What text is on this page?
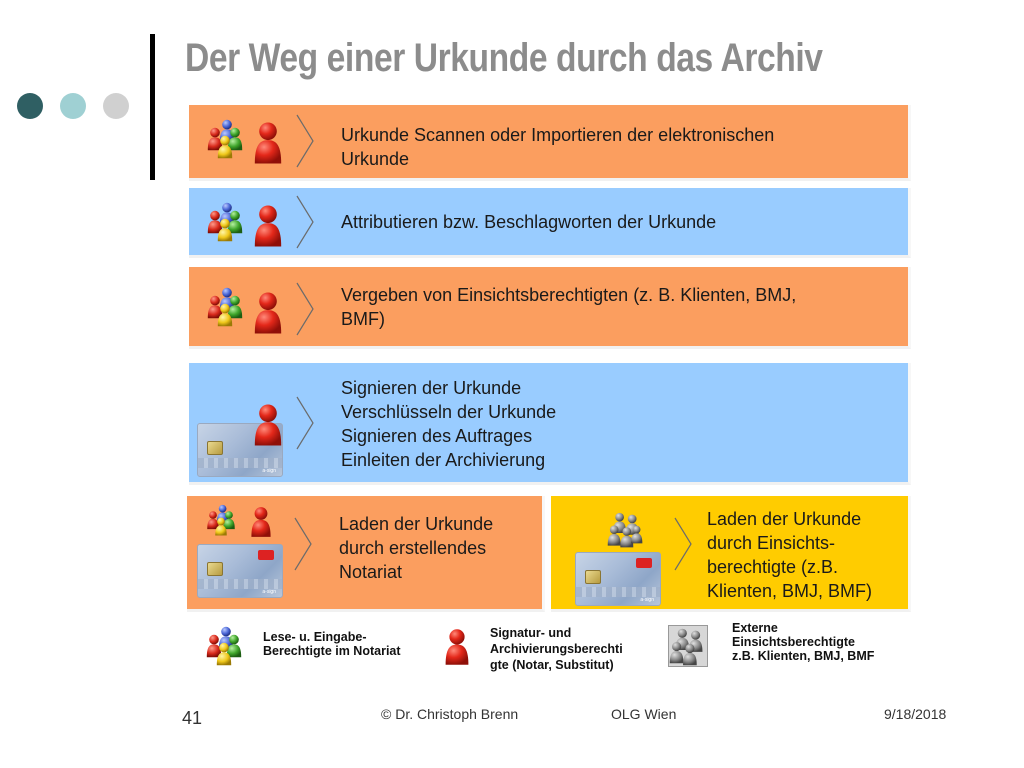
Der Weg einer Urkunde durch das Archiv
Urkunde Scannen oder Importieren der elektronischen
Urkunde
Attributieren bzw. Beschlagworten der Urkunde
Vergeben von Einsichtsberechtigten (z. B. Klienten, BMJ,
BMF)
a-sign
Signieren der Urkunde
Verschlüsseln der Urkunde
Signieren des Auftrages
Einleiten der Archivierung
a-sign
Laden der Urkunde
durch erstellendes
Notariat
a-sign
Laden der Urkunde
durch Einsichts-
berechtigte (z.B.
Klienten, BMJ, BMF)
Lese- u. Eingabe-
Berechtigte im Notariat
Signatur- und
Archivierungsberechti
gte (Notar, Substitut)
Externe
Einsichtsberechtigte
z.B. Klienten, BMJ, BMF
41	© Dr. Christoph Brenn	OLG Wien	9/18/2018
